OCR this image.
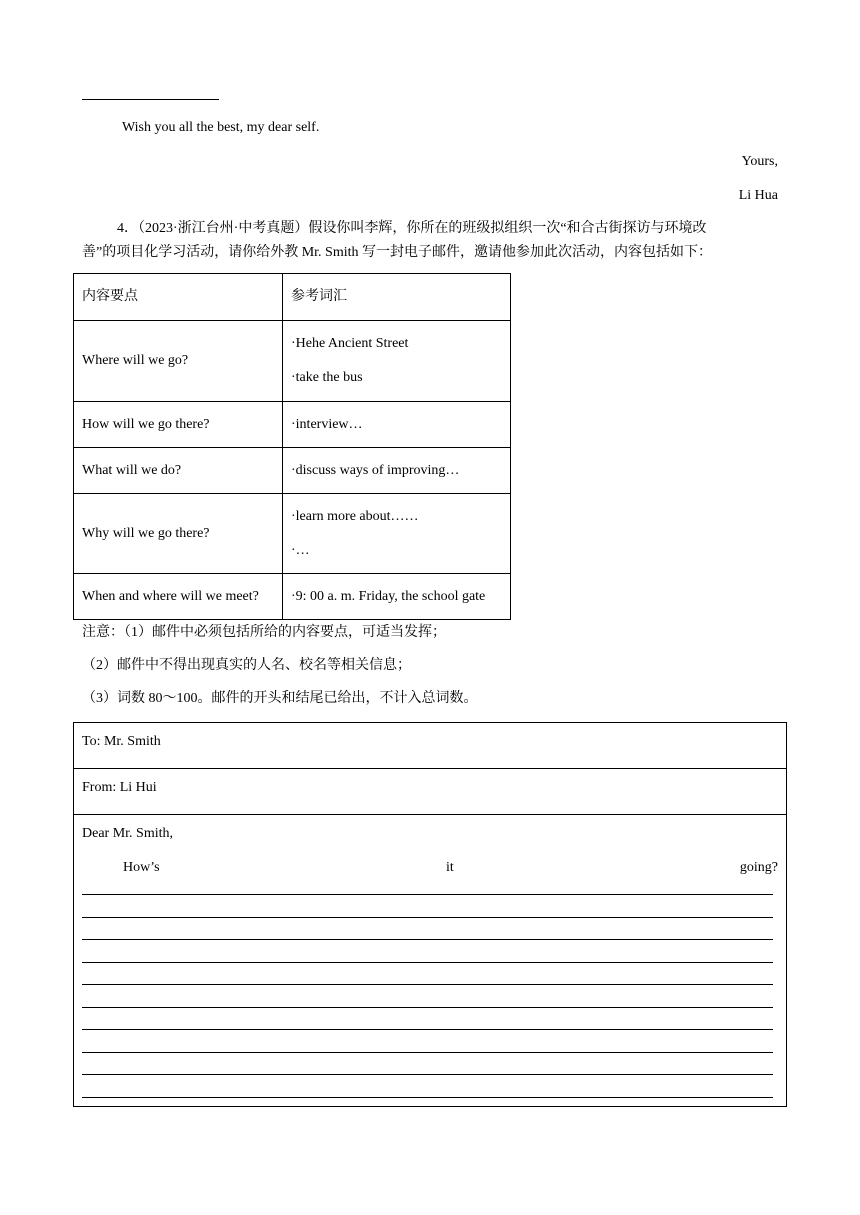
Wish you all the best, my dear self.
Yours,
Li Hua
4．（2023·浙江台州·中考真题）假设你叫李辉，你所在的班级拟组织一次“和合古街探访与环境改
善”的项目化学习活动，请你给外教 Mr. Smith 写一封电子邮件，邀请他参加此次活动，内容包括如下：
内容要点	参考词汇
Where will we go?	·Hehe Ancient Street
·take the bus

How will we go there?	·interview…
What will we do?	·discuss ways of improving…
Why will we go there?	·learn more about……
·…

When and where will we meet?	·9: 00 a. m. Friday, the school gate
注意：（1）邮件中必须包括所给的内容要点，可适当发挥；
（2）邮件中不得出现真实的人名、校名等相关信息；
（3）词数 80～100。邮件的开头和结尾已给出，不计入总词数。
To: Mr. Smith
From: Li Hui
Dear Mr. Smith,
How’s	it	going?
